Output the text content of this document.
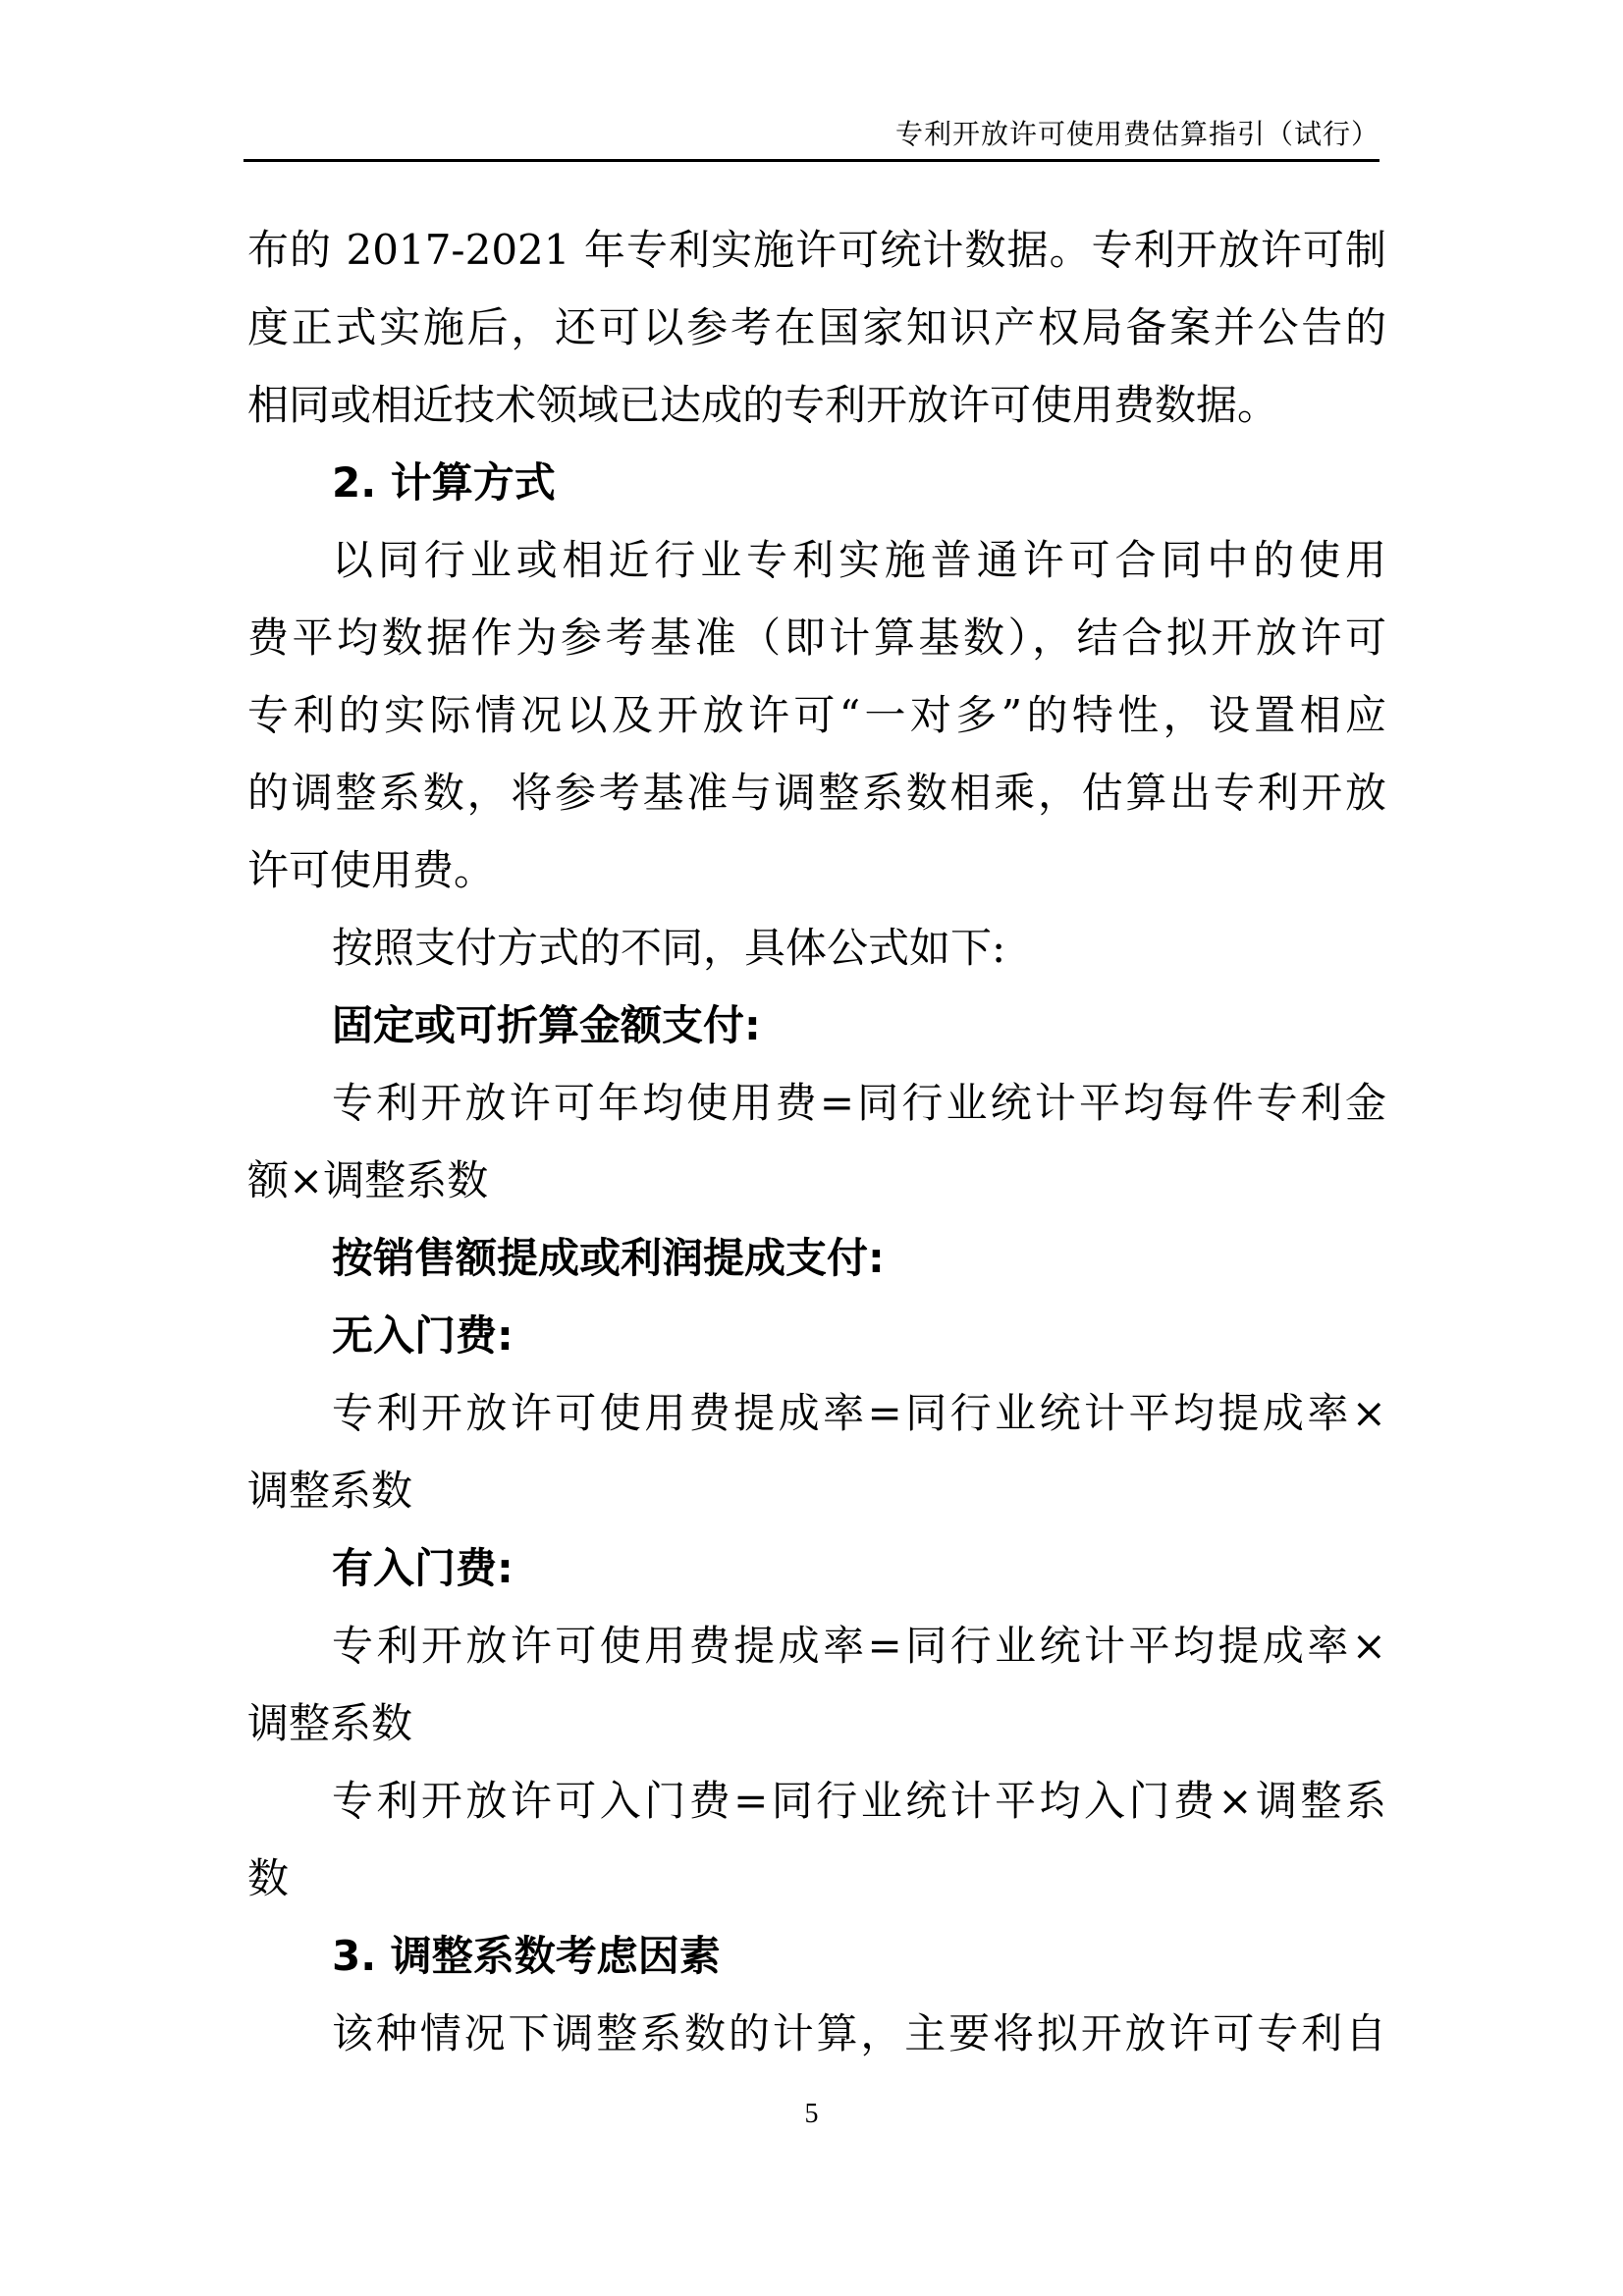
专利开放许可使用费估算指引（试行）
布的 2017-2021 年专利实施许可统计数据。专利开放许可制
度正式实施后，还可以参考在国家知识产权局备案并公告的
相同或相近技术领域已达成的专利开放许可使用费数据。
2. 计算方式
以同行业或相近行业专利实施普通许可合同中的使用
费平均数据作为参考基准（即计算基数），结合拟开放许可
专利的实际情况以及开放许可“一对多”的特性，设置相应
的调整系数，将参考基准与调整系数相乘，估算出专利开放
许可使用费。
按照支付方式的不同，具体公式如下:
固定或可折算金额支付:
专利开放许可年均使用费=同行业统计平均每件专利金
额×调整系数
按销售额提成或利润提成支付:
无入门费:
专利开放许可使用费提成率=同行业统计平均提成率×
调整系数
有入门费:
专利开放许可使用费提成率=同行业统计平均提成率×
调整系数
专利开放许可入门费=同行业统计平均入门费×调整系
数
3. 调整系数考虑因素
该种情况下调整系数的计算，主要将拟开放许可专利自
5
